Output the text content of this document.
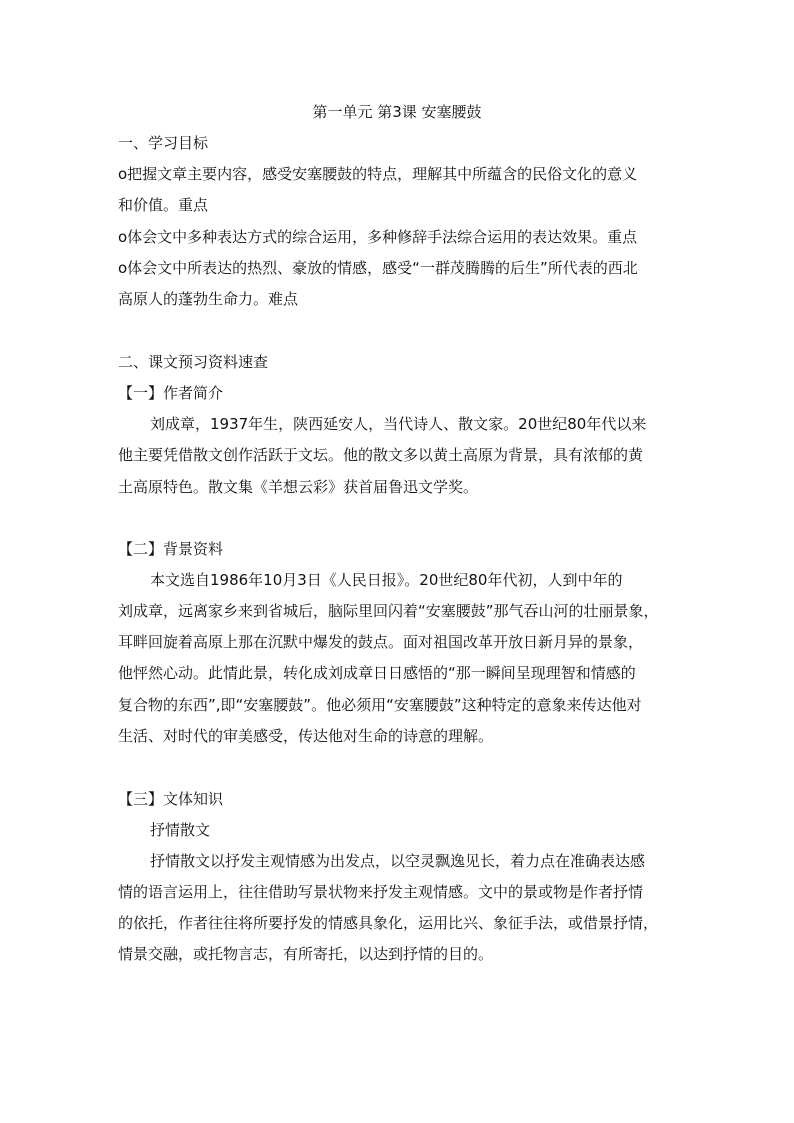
第一单元 第3课 安塞腰鼓
一、学习目标
o把握文章主要内容，感受安塞腰鼓的特点，理解其中所蕴含的民俗文化的意义
和价值。重点
o体会文中多种表达方式的综合运用，多种修辞手法综合运用的表达效果。重点
o体会文中所表达的热烈、豪放的情感，感受“一群茂腾腾的后生”所代表的西北
高原人的蓬勃生命力。难点
二、课文预习资料速查
【一】作者简介
刘成章，1937年生，陕西延安人，当代诗人、散文家。20世纪80年代以来
他主要凭借散文创作活跃于文坛。他的散文多以黄土高原为背景，具有浓郁的黄
土高原特色。散文集《羊想云彩》获首届鲁迅文学奖。
【二】背景资料
本文选自1986年10月3日《人民日报》。20世纪80年代初，人到中年的
刘成章，远离家乡来到省城后，脑际里回闪着“安塞腰鼓”那气吞山河的壮丽景象，
耳畔回旋着高原上那在沉默中爆发的鼓点。面对祖国改革开放日新月异的景象，
他怦然心动。此情此景，转化成刘成章日日感悟的“那一瞬间呈现理智和情感的
复合物的东西”,即“安塞腰鼓”。他必须用“安塞腰鼓”这种特定的意象来传达他对
生活、对时代的审美感受，传达他对生命的诗意的理解。
【三】文体知识
抒情散文
抒情散文以抒发主观情感为出发点，以空灵飘逸见长，着力点在准确表达感
情的语言运用上，往往借助写景状物来抒发主观情感。文中的景或物是作者抒情
的依托，作者往往将所要抒发的情感具象化，运用比兴、象征手法，或借景抒情，
情景交融，或托物言志，有所寄托，以达到抒情的目的。
